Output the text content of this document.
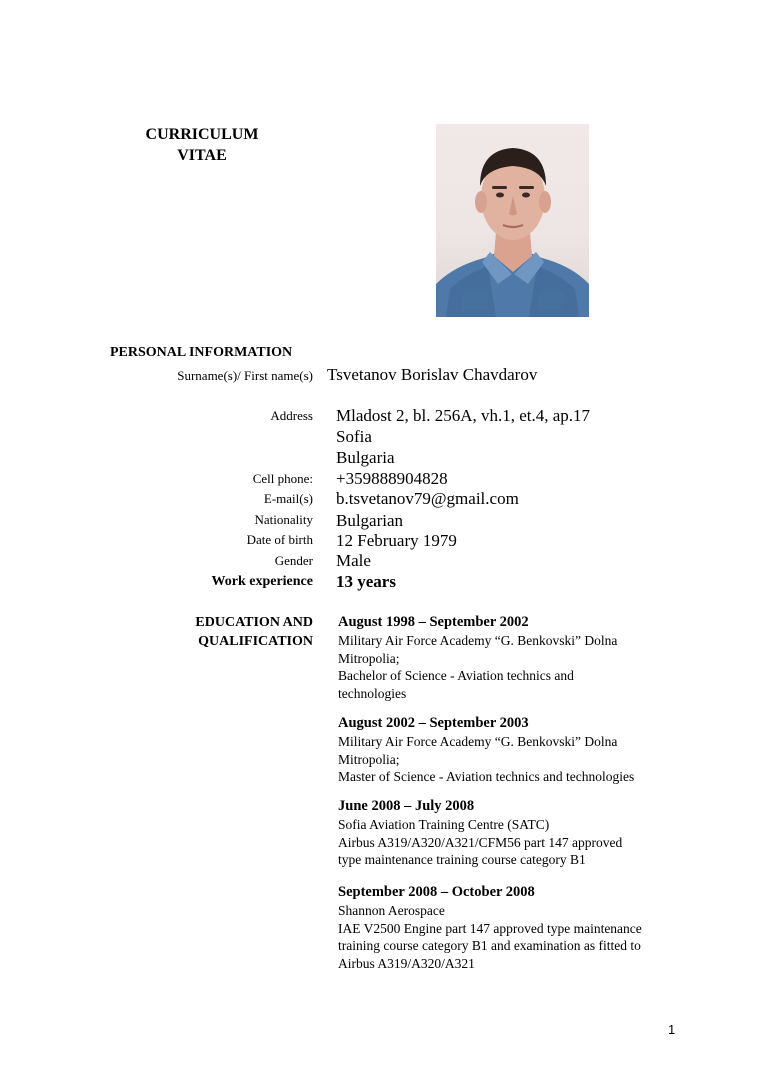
CURRICULUM
VITAE
PERSONAL INFORMATION
Surname(s)/ First name(s) Tsvetanov Borislav Chavdarov
Address Mladost 2, bl. 256A, vh.1, et.4, ap.17
Sofia
Bulgaria
Cell phone: +359888904828
E-mail(s) b.tsvetanov79@gmail.com
Nationality Bulgarian
Date of birth 12 February 1979
Gender Male
Work experience 13 years
EDUCATION AND
QUALIFICATION
August 1998 – September 2002
Military Air Force Academy “G. Benkovski” Dolna
Mitropolia;
Bachelor of Science - Aviation technics and
technologies
August 2002 – September 2003
Military Air Force Academy “G. Benkovski” Dolna
Mitropolia;
Master of Science - Aviation technics and technologies
June 2008 – July 2008
Sofia Aviation Training Centre (SATC)
Airbus A319/A320/A321/CFM56 part 147 approved
type maintenance training course category B1
September 2008 – October 2008
Shannon Aerospace
IAE V2500 Engine part 147 approved type maintenance
training course category B1 and examination as fitted to
Airbus A319/A320/A321
1
